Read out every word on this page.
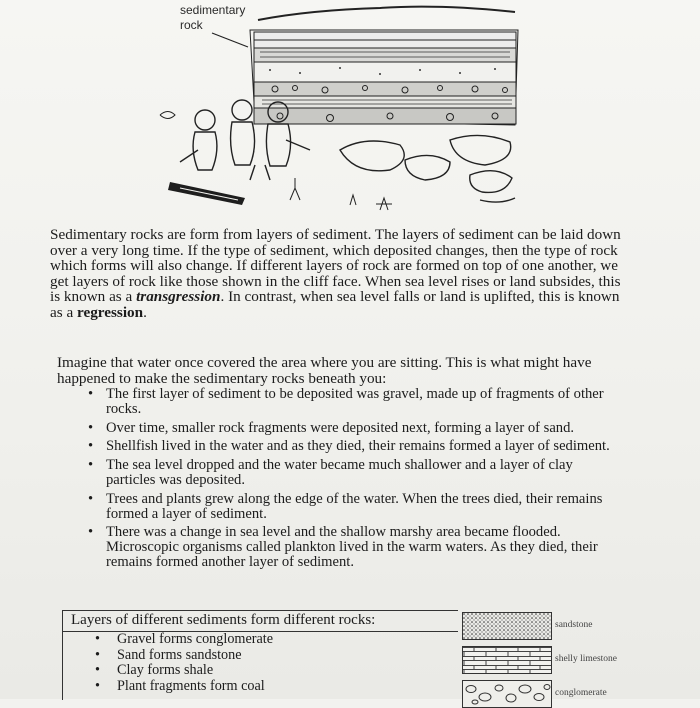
sedimentary
rock

Sedimentary rocks are form from layers of sediment. The layers of sediment can be laid down over a very long time. If the type of sediment, which deposited changes, then the type of rock which forms will also change. If different layers of rock are formed on top of one another, we get layers of rock like those shown in the cliff face. When sea level rises or land subsides, this is known as a transgression. In contrast, when sea level falls or land is uplifted, this is known as a regression.

Imagine that water once covered the area where you are sitting. This is what might have happened to make the sedimentary rocks beneath you:

• The first layer of sediment to be deposited was gravel, made up of fragments of other rocks.
• Over time, smaller rock fragments were deposited next, forming a layer of sand.
• Shellfish lived in the water and as they died, their remains formed a layer of sediment.
• The sea level dropped and the water became much shallower and a layer of clay particles was deposited.
• Trees and plants grew along the edge of the water. When the trees died, their remains formed a layer of sediment.
• There was a change in sea level and the shallow marshy area became flooded. Microscopic organisms called plankton lived in the warm waters. As they died, their remains formed another layer of sediment.
Layers of different sediments form different rocks:
• Gravel forms conglomerate
• Sand forms sandstone
• Clay forms shale
• Plant fragments form coal
sandstone
shelly limestone
conglomerate
